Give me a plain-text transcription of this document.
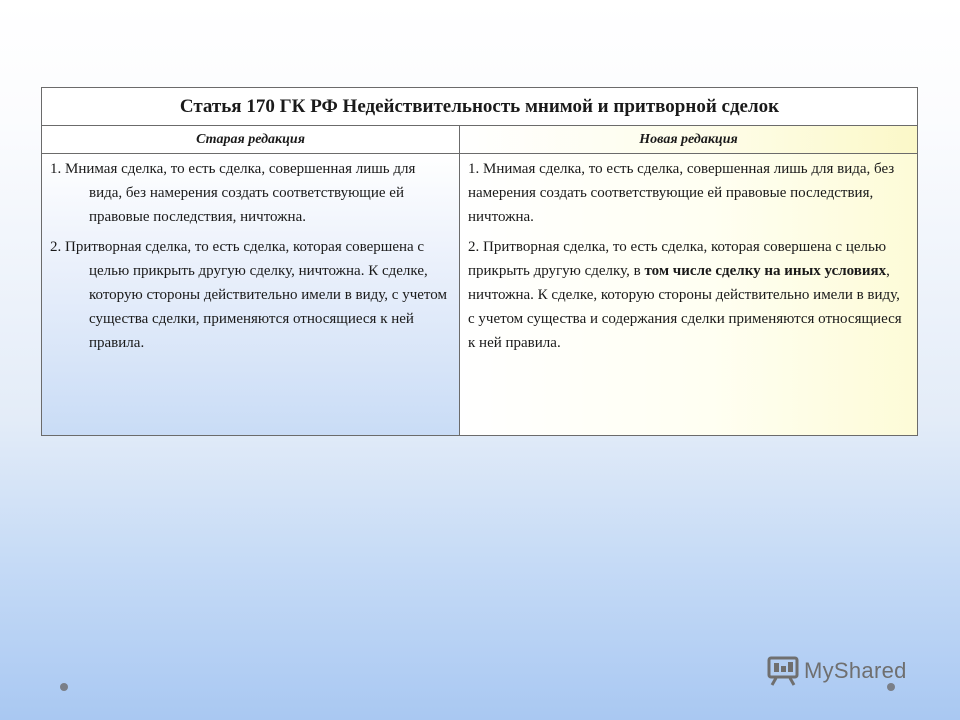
Статья 170 ГК РФ Недействительность мнимой и притворной сделок
Старая редакция	Новая редакция

1. Мнимая сделка, то есть сделка, совершенная лишь для вида, без намерения создать соответствующие ей правовые последствия, ничтожна.

2. Притворная сделка, то есть сделка, которая совершена с целью прикрыть другую сделку, ничтожна. К сделке, которую стороны действительно имели в виду, с учетом существа сделки, применяются относящиеся к ней правила.

1. Мнимая сделка, то есть сделка, совершенная лишь для вида, без намерения создать соответствующие ей правовые последствия, ничтожна.

2. Притворная сделка, то есть сделка, которая совершена с целью прикрыть другую сделку, в том числе сделку на иных условиях, ничтожна. К сделке, которую стороны действительно имели в виду, с учетом существа и содержания сделки применяются относящиеся к ней правила.

MyShared
